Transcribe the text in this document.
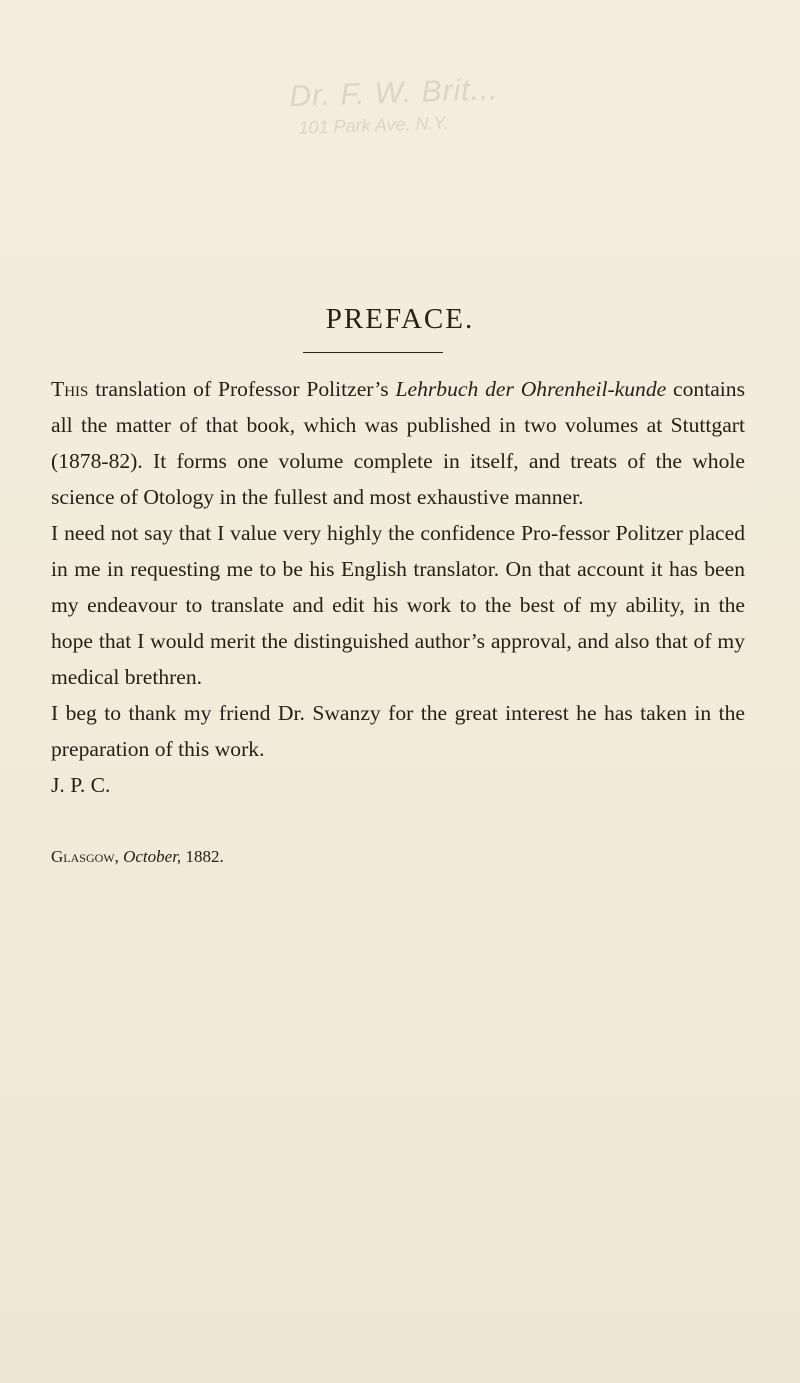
Dr. F. W. Brit...
101 Park Ave, N.Y.
PREFACE.

This translation of Professor Politzer’s Lehrbuch der Ohrenheil-kunde contains all the matter of that book, which was published in two volumes at Stuttgart (1878-82). It forms one volume complete in itself, and treats of the whole science of Otology in the fullest and most exhaustive manner.

I need not say that I value very highly the confidence Pro-fessor Politzer placed in me in requesting me to be his English translator. On that account it has been my endeavour to translate and edit his work to the best of my ability, in the hope that I would merit the distinguished author’s approval, and also that of my medical brethren.

I beg to thank my friend Dr. Swanzy for the great interest he has taken in the preparation of this work.

J. P. C.

Glasgow, October, 1882.
